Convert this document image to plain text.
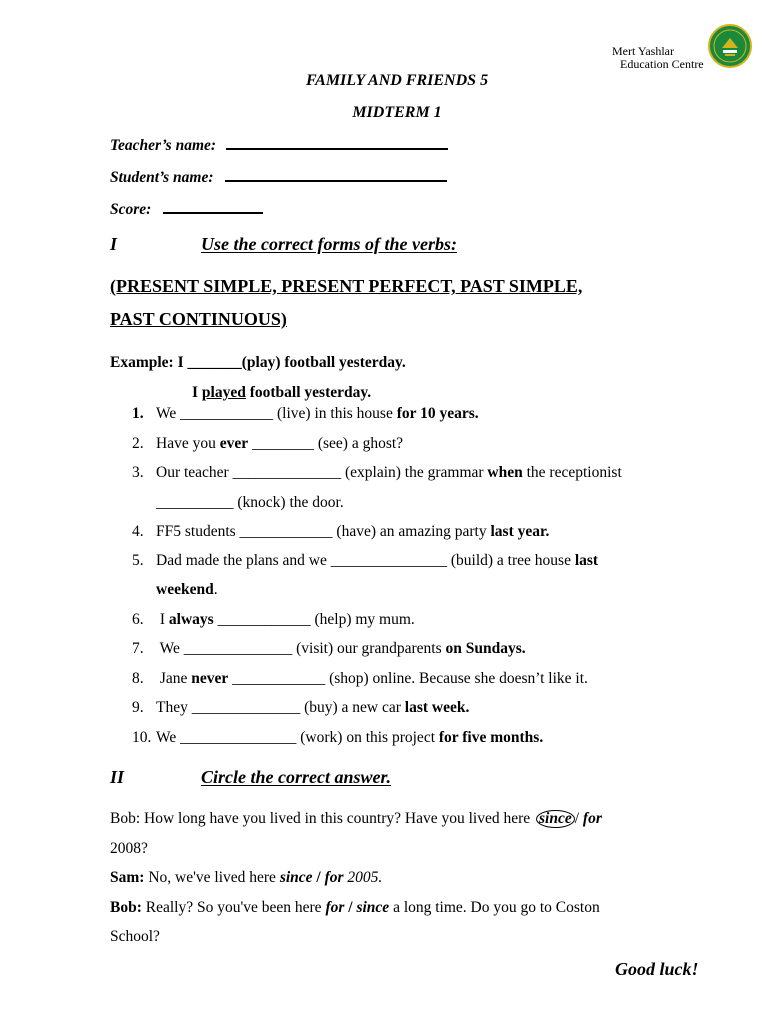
Mert Yashlar
Education Centre
FAMILY AND FRIENDS 5
MIDTERM 1
Teacher’s name:
Student’s name:
Score:
I	Use the correct forms of the verbs:
(PRESENT SIMPLE, PRESENT PERFECT, PAST SIMPLE,
PAST CONTINUOUS)
Example: I _______(play) football yesterday.
I played football yesterday.
1. We ____________ (live) in this house for 10 years.
2. Have you ever ________ (see) a ghost?
3. Our teacher ______________ (explain) the grammar when the receptionist
__________ (knock) the door.
4. FF5 students ____________ (have) an amazing party last year.
5. Dad made the plans and we _______________ (build) a tree house last
weekend.
6. I always ____________ (help) my mum.
7. We ______________ (visit) our grandparents on Sundays.
8. Jane never ____________ (shop) online. Because she doesn’t like it.
9. They ______________ (buy) a new car last week.
10. We _______________ (work) on this project for five months.
II	Circle the correct answer.
Bob: How long have you lived in this country? Have you lived here since / for
2008?
Sam: No, we've lived here since / for 2005.
Bob: Really? So you've been here for / since a long time. Do you go to Coston
School?
Good luck!
